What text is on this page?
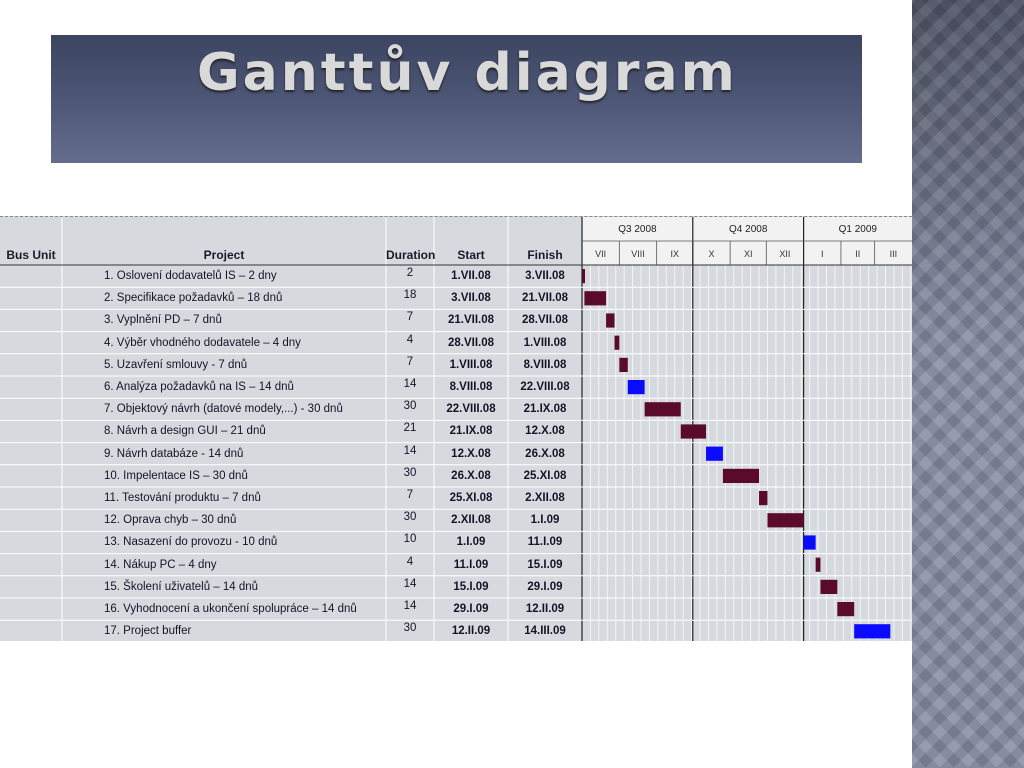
Ganttův diagram
VII	VIII	IX	X	XI	XII	I	II	III
Q3 2008	Q4 2008	Q1 2009
Bus Unit	Project	Duration	Start	Finish
1. Oslovení dodavatelů IS – 2 dny	2	1.VII.08	3.VII.08
2. Specifikace požadavků – 18 dnů	18	3.VII.08	21.VII.08
3. Vyplnění PD – 7 dnů	7	21.VII.08	28.VII.08
4. Výběr vhodného dodavatele – 4 dny	4	28.VII.08	1.VIII.08
5. Uzavření smlouvy - 7 dnů	7	1.VIII.08	8.VIII.08
6. Analýza požadavků na IS – 14 dnů	14	8.VIII.08	22.VIII.08
7. Objektový návrh (datové modely,...) - 30 dnů	30	22.VIII.08	21.IX.08
8. Návrh a design GUI – 21 dnů	21	21.IX.08	12.X.08
9. Návrh databáze - 14 dnů	14	12.X.08	26.X.08
10. Impelentace IS – 30 dnů	30	26.X.08	25.XI.08
11. Testování produktu – 7 dnů	7	25.XI.08	2.XII.08
12. Oprava chyb – 30 dnů	30	2.XII.08	1.I.09
13. Nasazení do provozu - 10 dnů	10	1.I.09	11.I.09
14. Nákup PC – 4 dny	4	11.I.09	15.I.09
15. Školení uživatelů – 14 dnů	14	15.I.09	29.I.09
16. Vyhodnocení a ukončení spolupráce – 14 dnů	14	29.I.09	12.II.09
17. Project buffer	30	12.II.09	14.III.09
